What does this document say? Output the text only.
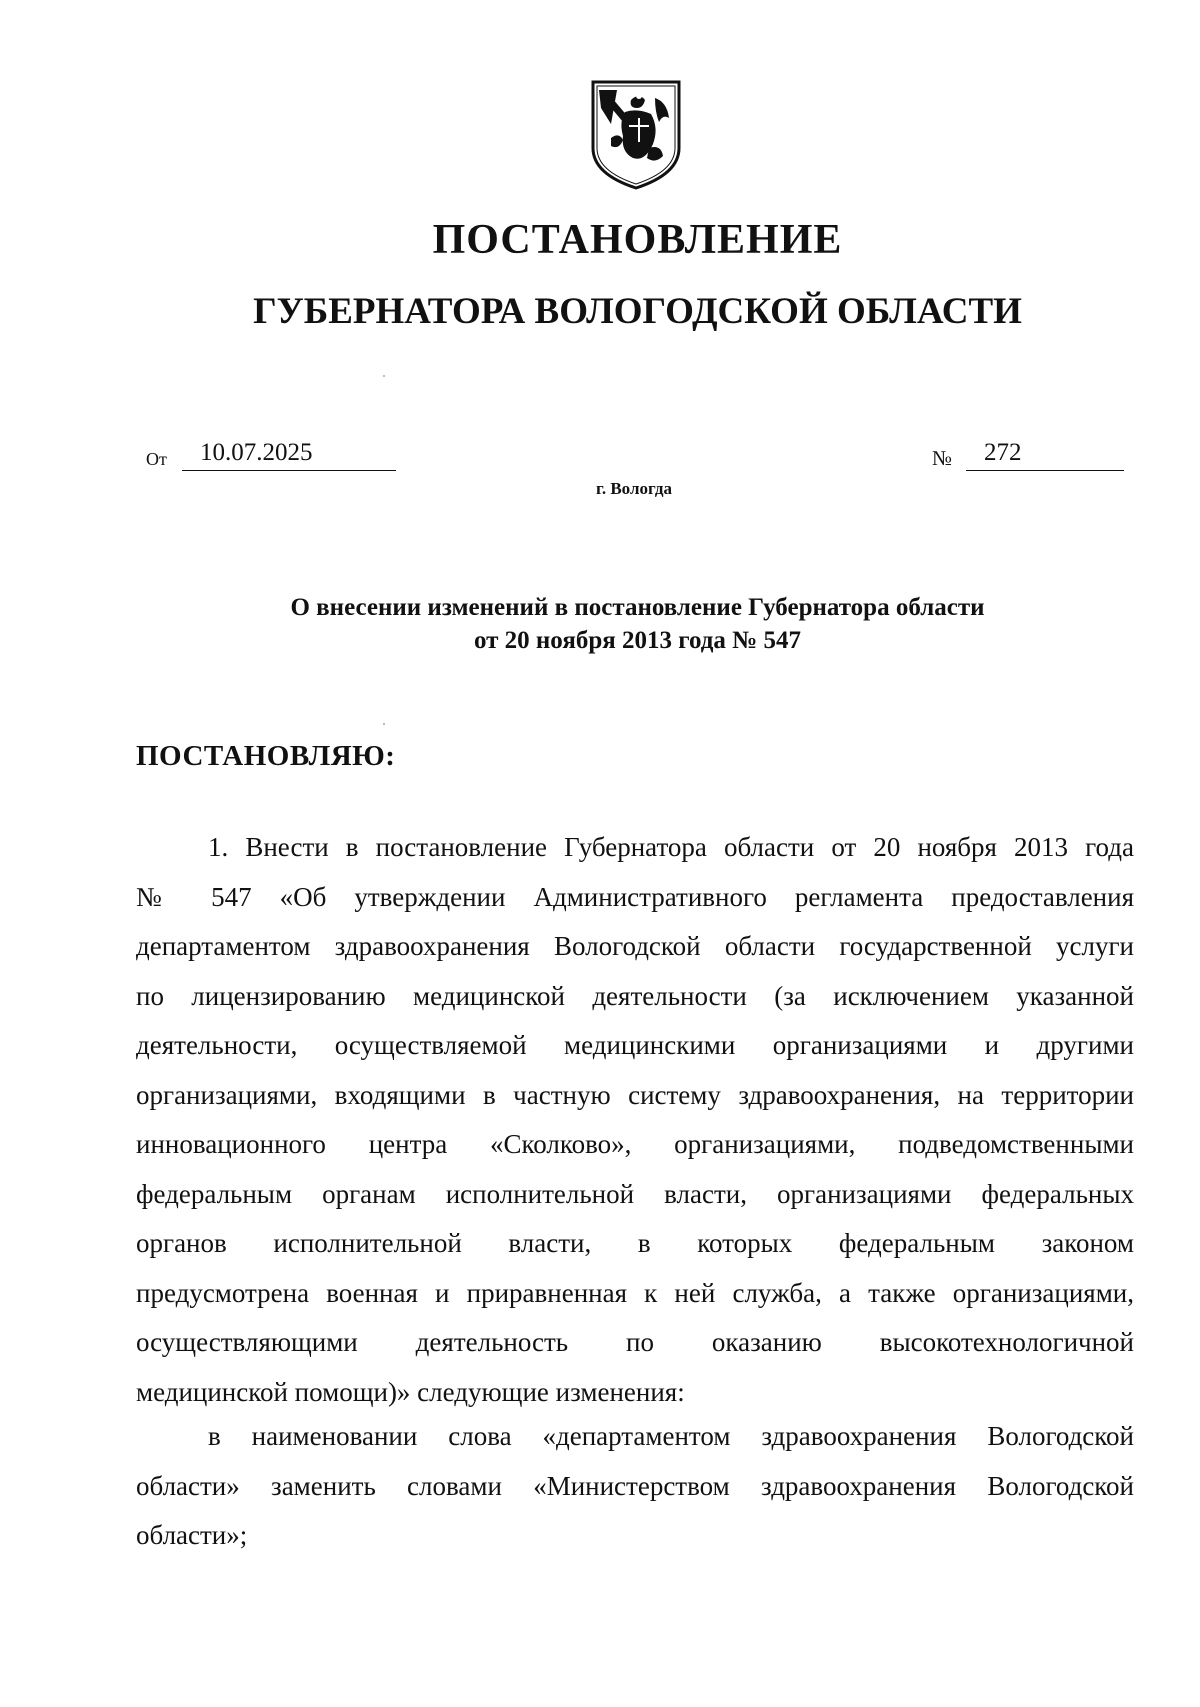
ПОСТАНОВЛЕНИЕ
ГУБЕРНАТОРА ВОЛОГОДСКОЙ ОБЛАСТИ
От	10.07.2025	№	272
г. Вологда
О внесении изменений в постановление Губернатора области
от 20 ноября 2013 года № 547
ПОСТАНОВЛЯЮ:
1. Внести в постановление Губернатора области от 20 ноября 2013 года
№ 547 «Об утверждении Административного регламента предоставления
департаментом здравоохранения Вологодской области государственной услуги
по лицензированию медицинской деятельности (за исключением указанной
деятельности, осуществляемой медицинскими организациями и другими
организациями, входящими в частную систему здравоохранения, на территории
инновационного центра «Сколково», организациями, подведомственными
федеральным органам исполнительной власти, организациями федеральных
органов исполнительной власти, в которых федеральным законом
предусмотрена военная и приравненная к ней служба, а также организациями,
осуществляющими деятельность по оказанию высокотехнологичной
медицинской помощи)» следующие изменения:
в наименовании слова «департаментом здравоохранения Вологодской
области» заменить словами «Министерством здравоохранения Вологодской
области»;
